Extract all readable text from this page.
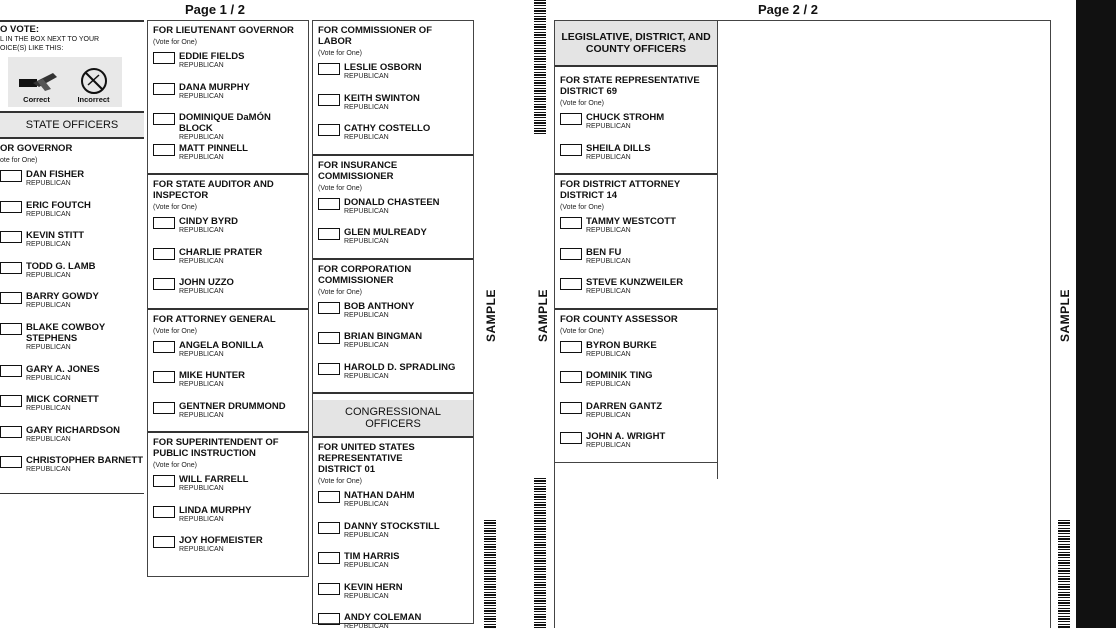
Page 1 / 2	Page 2 / 2
O VOTE:
L IN THE BOX NEXT TO YOUR
OICE(S) LIKE THIS:
Correct	Incorrect
STATE OFFICERS
OR GOVERNOR
ote for One)
DAN FISHER
REPUBLICAN
ERIC FOUTCH
REPUBLICAN
KEVIN STITT
REPUBLICAN
TODD G. LAMB
REPUBLICAN
BARRY GOWDY
REPUBLICAN
BLAKE COWBOY
STEPHENS
REPUBLICAN
GARY A. JONES
REPUBLICAN
MICK CORNETT
REPUBLICAN
GARY RICHARDSON
REPUBLICAN
CHRISTOPHER BARNETT
REPUBLICAN
FOR LIEUTENANT GOVERNOR
(Vote for One)
EDDIE FIELDS
REPUBLICAN
DANA MURPHY
REPUBLICAN
DOMINIQUE DaMÓN BLOCK
REPUBLICAN
MATT PINNELL
REPUBLICAN
FOR STATE AUDITOR AND
INSPECTOR
(Vote for One)
CINDY BYRD
REPUBLICAN
CHARLIE PRATER
REPUBLICAN
JOHN UZZO
REPUBLICAN
FOR ATTORNEY GENERAL
(Vote for One)
ANGELA BONILLA
REPUBLICAN
MIKE HUNTER
REPUBLICAN
GENTNER DRUMMOND
REPUBLICAN
FOR SUPERINTENDENT OF
PUBLIC INSTRUCTION
(Vote for One)
WILL FARRELL
REPUBLICAN
LINDA MURPHY
REPUBLICAN
JOY HOFMEISTER
REPUBLICAN
FOR COMMISSIONER OF LABOR
(Vote for One)
LESLIE OSBORN
REPUBLICAN
KEITH SWINTON
REPUBLICAN
CATHY COSTELLO
REPUBLICAN
FOR INSURANCE COMMISSIONER
(Vote for One)
DONALD CHASTEEN
REPUBLICAN
GLEN MULREADY
REPUBLICAN
FOR CORPORATION
COMMISSIONER
(Vote for One)
BOB ANTHONY
REPUBLICAN
BRIAN BINGMAN
REPUBLICAN
HAROLD D. SPRADLING
REPUBLICAN
CONGRESSIONAL OFFICERS
FOR UNITED STATES
REPRESENTATIVE
DISTRICT 01
(Vote for One)
NATHAN DAHM
REPUBLICAN
DANNY STOCKSTILL
REPUBLICAN
TIM HARRIS
REPUBLICAN
KEVIN HERN
REPUBLICAN
ANDY COLEMAN
REPUBLICAN
SAMPLE	SAMPLE
LEGISLATIVE, DISTRICT, AND
COUNTY OFFICERS
FOR STATE REPRESENTATIVE
DISTRICT 69
(Vote for One)
CHUCK STROHM
REPUBLICAN
SHEILA DILLS
REPUBLICAN
FOR DISTRICT ATTORNEY
DISTRICT 14
(Vote for One)
TAMMY WESTCOTT
REPUBLICAN
BEN FU
REPUBLICAN
STEVE KUNZWEILER
REPUBLICAN
FOR COUNTY ASSESSOR
(Vote for One)
BYRON BURKE
REPUBLICAN
DOMINIK TING
REPUBLICAN
DARREN GANTZ
REPUBLICAN
JOHN A. WRIGHT
REPUBLICAN
SAMPLE
